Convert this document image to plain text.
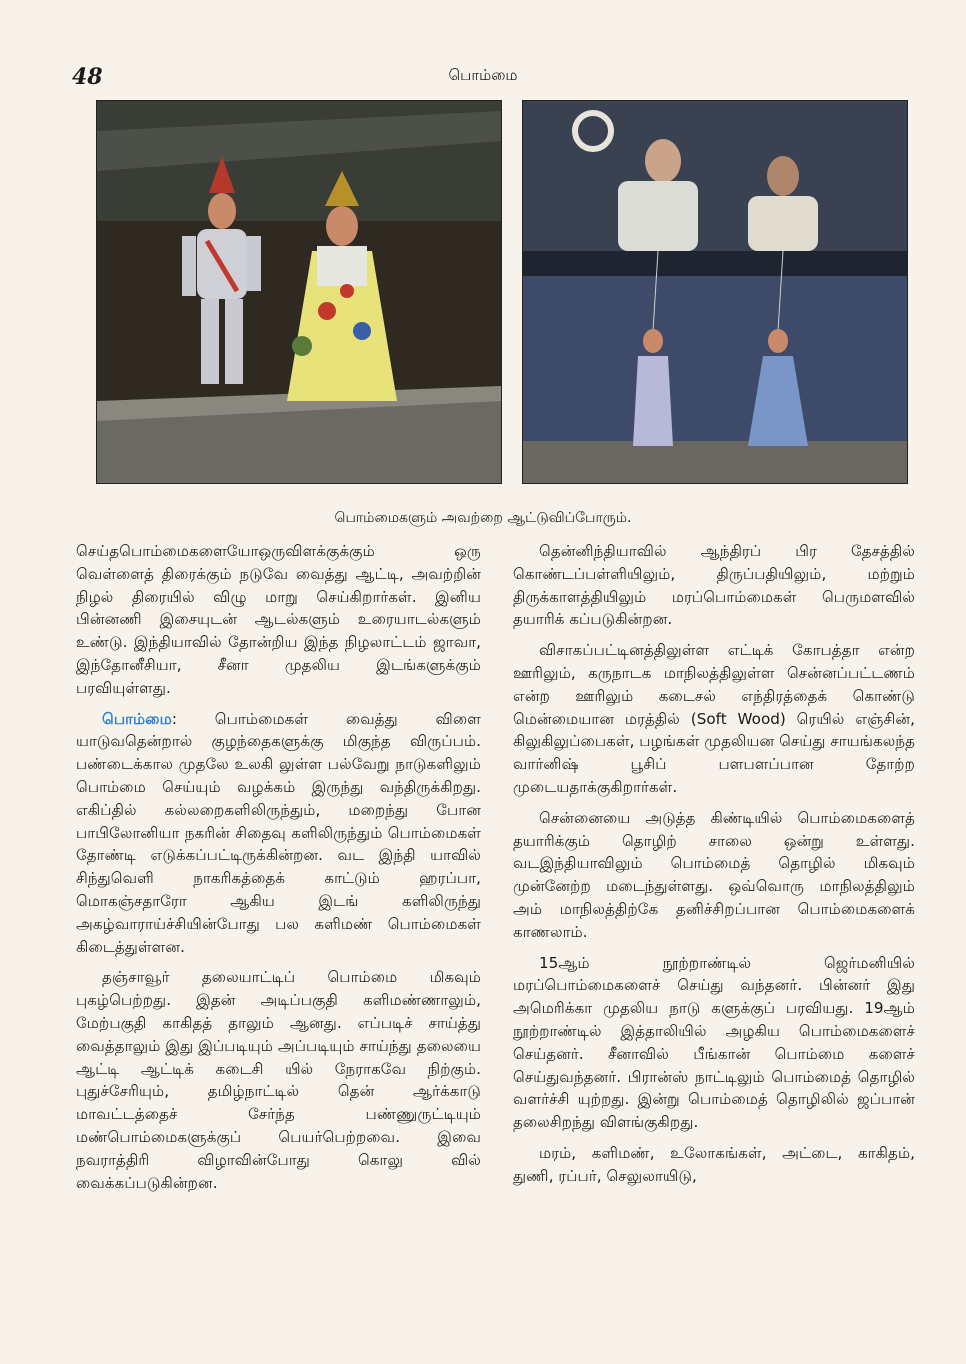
48	பொம்மை
பொம்மைகளும் அவற்றை ஆட்டுவிப்போரும்.

செய்தபொம்மைகளையோஒருவிளக்குக்கும் ஒரு வெள்ளைத் திரைக்கும் நடுவே வைத்து ஆட்டி, அவற்றின் நிழல் திரையில் விழு மாறு செய்கிறார்கள். இனிய பின்னணி இசையுடன் ஆடல்களும் உரையாடல்களும் உண்டு. இந்தியாவில் தோன்றிய இந்த நிழலாட்டம் ஜாவா, இந்தோனீசியா, சீனா முதலிய இடங்களுக்கும் பரவியுள்ளது.

பொம்மை: பொம்மைகள் வைத்து விளை யாடுவதென்றால் குழந்தைகளுக்கு மிகுந்த விருப்பம். பண்டைக்கால முதலே உலகி லுள்ள பல்வேறு நாடுகளிலும் பொம்மை செய்யும் வழக்கம் இருந்து வந்திருக்கிறது. எகிப்தில் கல்லறைகளிலிருந்தும், மறைந்து போன பாபிலோனியா நகரின் சிதைவு களிலிருந்தும் பொம்மைகள் தோண்டி எடுக்கப்பட்டிருக்கின்றன. வட இந்தி யாவில் சிந்துவெளி நாகரிகத்தைக் காட்டும் ஹரப்பா, மொகஞ்சதாரோ ஆகிய இடங் களிலிருந்து அகழ்வாராய்ச்சியின்போது பல களிமண் பொம்மைகள் கிடைத்துள்ளன.

தஞ்சாவூர் தலையாட்டிப் பொம்மை மிகவும் புகழ்பெற்றது. இதன் அடிப்பகுதி களிமண்ணாலும், மேற்பகுதி காகிதத் தாலும் ஆனது. எப்படிச் சாய்த்து வைத்தாலும் இது இப்படியும் அப்படியும் சாய்ந்து தலையை ஆட்டி ஆட்டிக் கடைசி யில் நேராகவே நிற்கும். புதுச்சேரியும், தமிழ்நாட்டில் தென் ஆர்க்காடு மாவட்டத்தைச் சேர்ந்த பண்ணுருட்டியும் மண்பொம்மைகளுக்குப் பெயர்பெற்றவை. இவை நவராத்திரி விழாவின்போது கொலு வில் வைக்கப்படுகின்றன.

தென்னிந்தியாவில் ஆந்திரப் பிர தேசத்தில் கொண்டப்பள்ளியிலும், திருப்பதியிலும், மற்றும் திருக்காளத்தியிலும் மரப்பொம்மைகள் பெருமளவில் தயாரிக் கப்படுகின்றன.

விசாகப்பட்டினத்திலுள்ள எட்டிக் கோபத்தா என்ற ஊரிலும், கருநாடக மாநிலத்திலுள்ள சென்னப்பட்டணம் என்ற ஊரிலும் கடைசல் எந்திரத்தைக் கொண்டு மென்மையான மரத்தில் (Soft Wood) ரெயில் எஞ்சின், கிலுகிலுப்பைகள், பழங்கள் முதலியன செய்து சாயங்கலந்த வார்னிஷ் பூசிப் பளபளப்பான தோற்ற முடையதாக்குகிறார்கள்.

சென்னையை அடுத்த கிண்டியில் பொம்மைகளைத் தயாரிக்கும் தொழிற் சாலை ஒன்று உள்ளது. வடஇந்தியாவிலும் பொம்மைத் தொழில் மிகவும் முன்னேற்ற மடைந்துள்ளது. ஒவ்வொரு மாநிலத்திலும் அம் மாநிலத்திற்கே தனிச்சிறப்பான பொம்மைகளைக் காணலாம்.

15ஆம் நூற்றாண்டில் ஜெர்மனியில் மரப்பொம்மைகளைச் செய்து வந்தனர். பின்னர் இது அமெரிக்கா முதலிய நாடு களுக்குப் பரவியது. 19ஆம் நூற்றாண்டில் இத்தாலியில் அழகிய பொம்மைகளைச் செய்தனர். சீனாவில் பீங்கான் பொம்மை களைச் செய்துவந்தனர். பிரான்ஸ் நாட்டிலும் பொம்மைத் தொழில் வளர்ச்சி யுற்றது. இன்று பொம்மைத் தொழிலில் ஜப்பான் தலைசிறந்து விளங்குகிறது.

மரம், களிமண், உலோகங்கள், அட்டை, காகிதம், துணி, ரப்பர், செலுலாயிடு,
